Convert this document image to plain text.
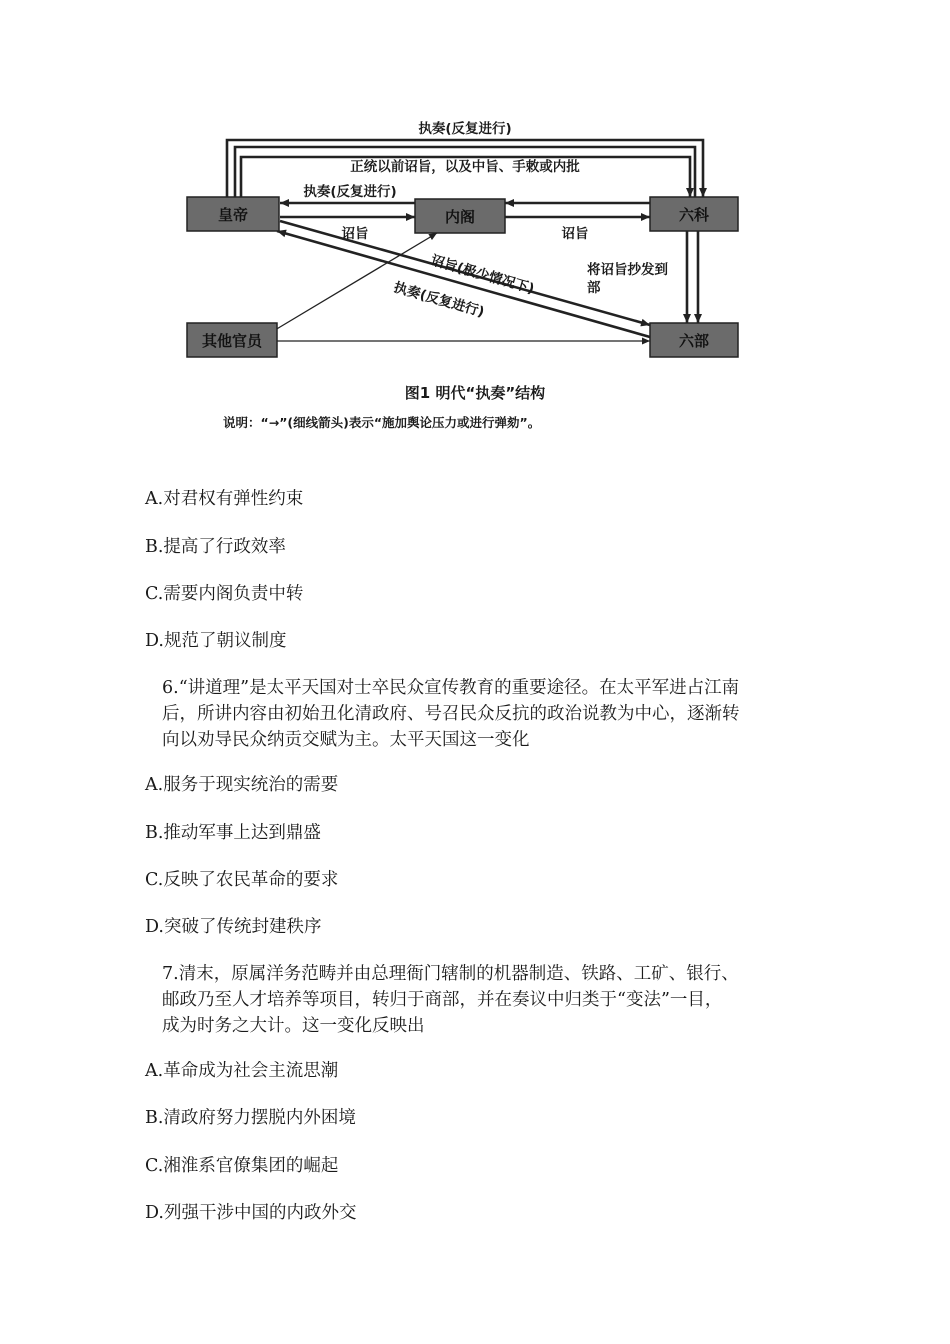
皇帝	内阁	六科
六部
其他官员
执奏(反复进行)
正统以前诏旨，以及中旨、手敕或内批
执奏(反复进行)
诏旨	诏旨
诏旨(极少情况下)
执奏(反复进行)
将诏旨抄发到 部
图1 明代“执奏”结构
说明：“→”(细线箭头)表示“施加舆论压力或进行弹劾”。
A.对君权有弹性约束
B.提高了行政效率
C.需要内阁负责中转
D.规范了朝议制度
6.“讲道理”是太平天国对士卒民众宣传教育的重要途径。在太平军进占江南
后，所讲内容由初始丑化清政府、号召民众反抗的政治说教为中心，逐渐转
向以劝导民众纳贡交赋为主。太平天国这一变化
A.服务于现实统治的需要
B.推动军事上达到鼎盛
C.反映了农民革命的要求
D.突破了传统封建秩序
7.清末，原属洋务范畴并由总理衙门辖制的机器制造、铁路、工矿、银行、
邮政乃至人才培养等项目，转归于商部，并在奏议中归类于“变法”一目，
成为时务之大计。这一变化反映出
A.革命成为社会主流思潮
B.清政府努力摆脱内外困境
C.湘淮系官僚集团的崛起
D.列强干涉中国的内政外交
